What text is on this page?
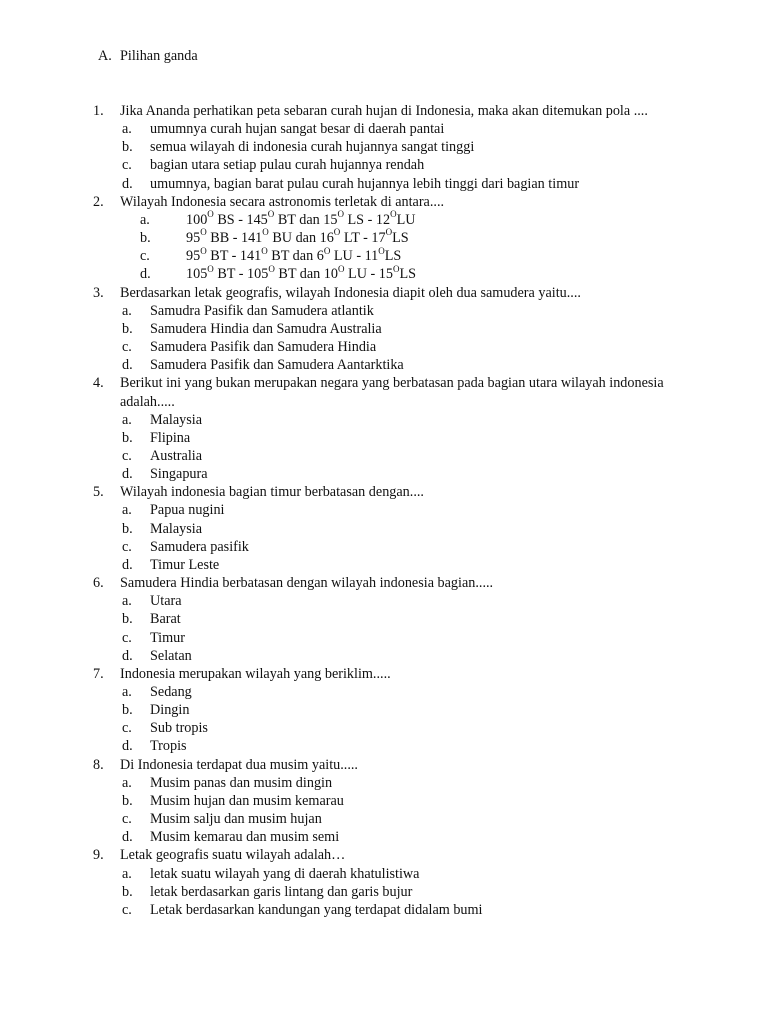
A. Pilihan ganda
1. Jika Ananda perhatikan peta sebaran curah hujan di Indonesia, maka akan ditemukan pola ....
a.	umumnya curah hujan sangat besar di daerah pantai
b.	semua wilayah di indonesia curah hujannya sangat tinggi
c.	bagian utara setiap pulau curah hujannya rendah
d.	umumnya, bagian barat pulau curah hujannya lebih tinggi dari bagian timur
2. Wilayah Indonesia secara astronomis terletak di antara....
a.	$100^O$ BS - $145^O$ BT dan $15^O$ LS - $12^OLU$
b.	$95^O$ BB - $141^O$ BU dan $16^O$ LT - $17^OLS$
c.	$95^O$ BT - $141^O$ BT dan $6^O$ LU - $11^OLS$
d.	$105^O$ BT - $105^O$ BT dan $10^O$ LU - $15^OLS$
3. Berdasarkan letak geografis, wilayah Indonesia diapit oleh dua samudera yaitu....
a.	Samudra Pasifik dan Samudera atlantik
b.	Samudera Hindia dan Samudra Australia
c.	Samudera Pasifik dan Samudera Hindia
d.	Samudera Pasifik dan Samudera Aantarktika
4. Berikut ini yang bukan merupakan negara yang berbatasan pada bagian utara wilayah indonesia adalah.....
a.	Malaysia
b.	Flipina
c.	Australia
d.	Singapura
5. Wilayah indonesia bagian timur berbatasan dengan....
a.	Papua nugini
b.	Malaysia
c.	Samudera pasifik
d.	Timur Leste
6. Samudera Hindia berbatasan dengan wilayah indonesia bagian.....
a.	Utara
b.	Barat
c.	Timur
d.	Selatan
7. Indonesia merupakan wilayah yang beriklim.....
a.	Sedang
b.	Dingin
c.	Sub tropis
d.	Tropis
8. Di Indonesia terdapat dua musim yaitu.....
a.	Musim panas dan musim dingin
b.	Musim hujan dan musim kemarau
c.	Musim salju dan musim hujan
d.	Musim kemarau dan musim semi
9. Letak geografis suatu wilayah adalah…
a.	letak suatu wilayah yang di daerah khatulistiwa
b.	letak berdasarkan garis lintang dan garis bujur
c.	Letak berdasarkan kandungan yang terdapat didalam bumi
